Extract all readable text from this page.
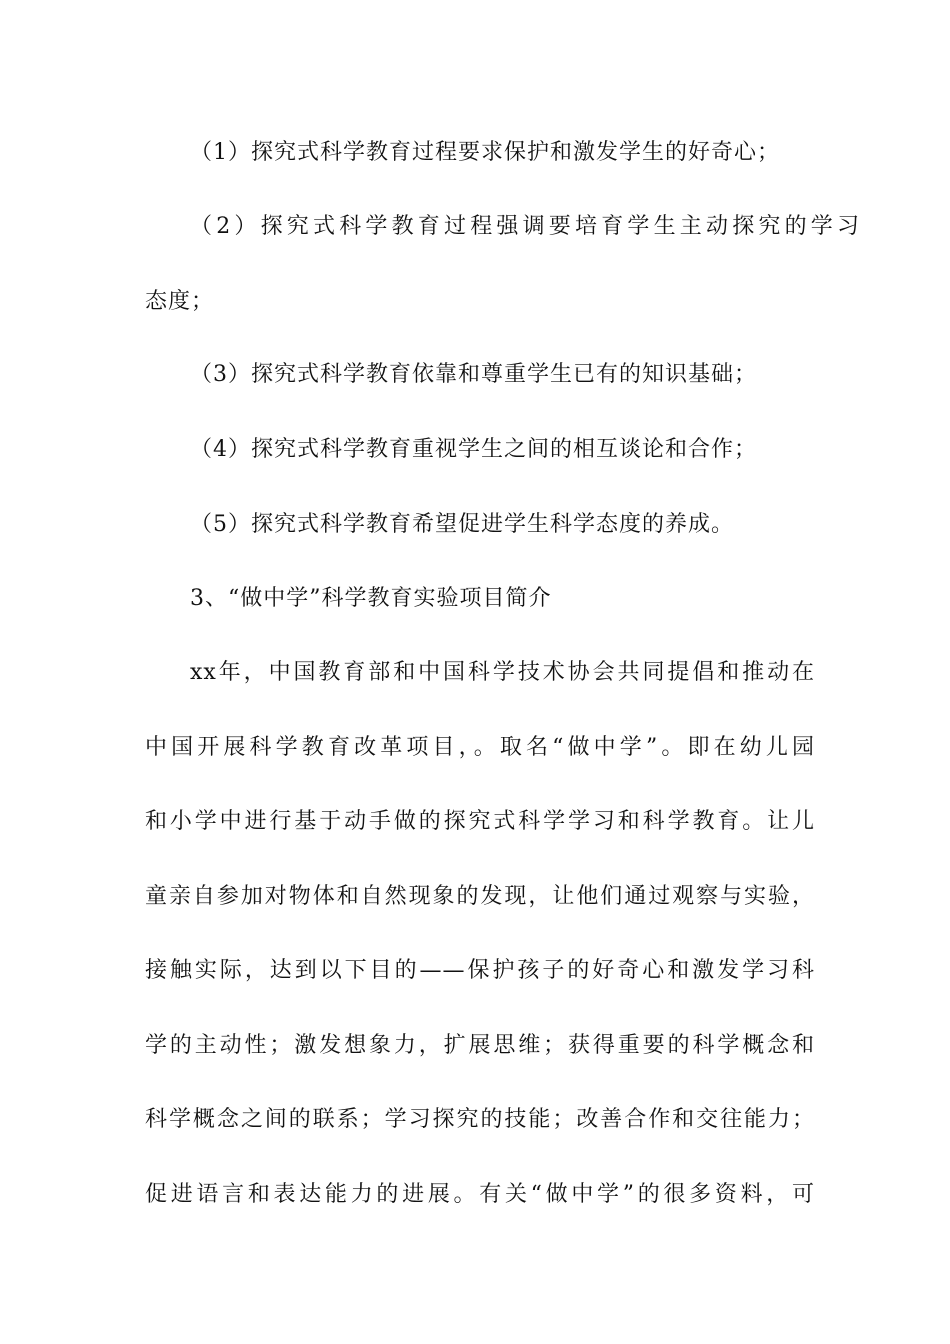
（1）探究式科学教育过程要求保护和激发学生的好奇心；
（2）探究式科学教育过程强调要培育学生主动探究的学习
态度；
（3）探究式科学教育依靠和尊重学生已有的知识基础；
（4）探究式科学教育重视学生之间的相互谈论和合作；
（5）探究式科学教育希望促进学生科学态度的养成。
3、“做中学”科学教育实验项目简介
xx年，中国教育部和中国科学技术协会共同提倡和推动在
中国开展科学教育改革项目，。取名“做中学”。即在幼儿园
和小学中进行基于动手做的探究式科学学习和科学教育。让儿
童亲自参加对物体和自然现象的发现，让他们通过观察与实验，
接触实际，达到以下目的——保护孩子的好奇心和激发学习科
学的主动性；激发想象力，扩展思维；获得重要的科学概念和
科学概念之间的联系；学习探究的技能；改善合作和交往能力；
促进语言和表达能力的进展。有关“做中学”的很多资料，可
